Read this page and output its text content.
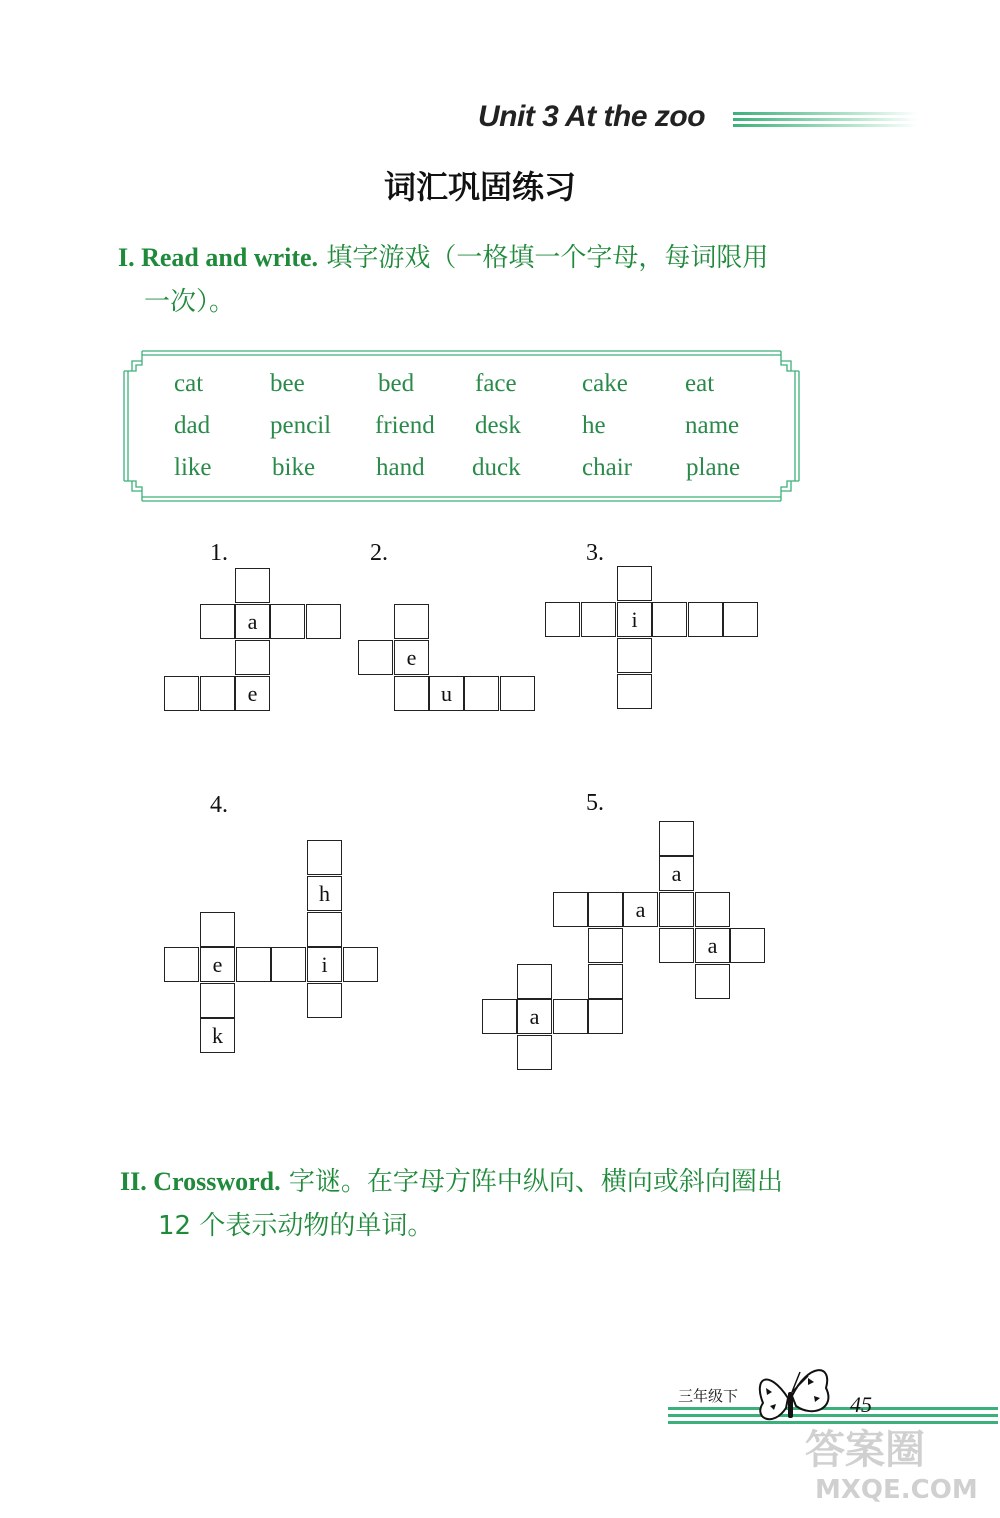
Unit 3 At the zoo
词汇巩固练习
I. Read and write. 填字游戏（一格填一个字母，每词限用
一次）。
cat	bee	bed face	cake eat
dad pencil friend desk he	name
like bike hand duck chair plane
1.
a
e
2.
e
u
3.
i
4.
h
e	i
k
5.
a
a
a
a
II. Crossword. 字谜。在字母方阵中纵向、横向或斜向圈出
12 个表示动物的单词。
三年级下	45
答案圈
MXQE.COM
